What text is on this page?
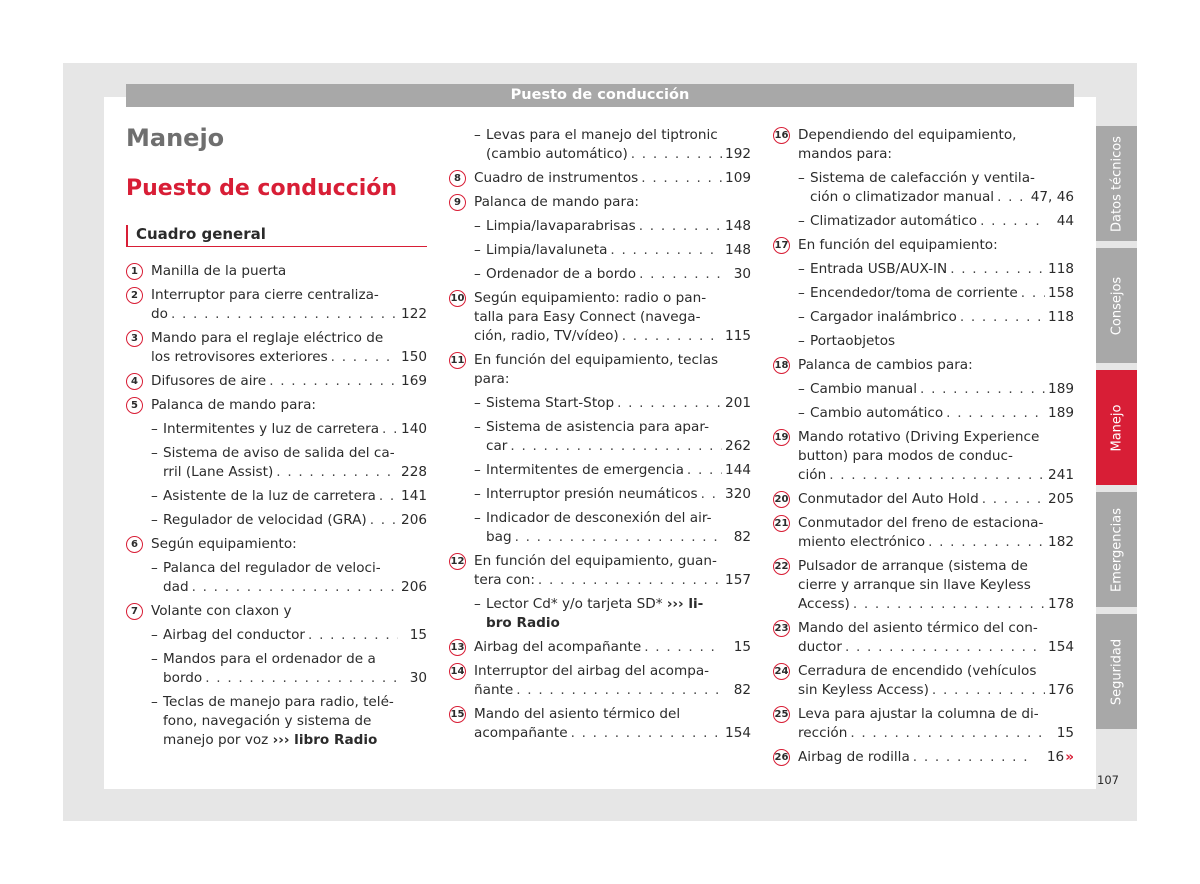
Puesto de conducción
Manejo
Puesto de conducción
Cuadro general
1 Manilla de la puerta
2 Interruptor para cierre centraliza-
do . . .	122
3 Mando para el reglaje eléctrico de
los retrovisores exteriores . . .	150
4 Difusores de aire . . .	169
5 Palanca de mando para:
– Intermitentes y luz de carretera . . . 140
– Sistema de aviso de salida del ca-
rril (Lane Assist) . . .	228
– Asistente de la luz de carretera . . . 141
– Regulador de velocidad (GRA) . . .	206
6 Según equipamiento:
– Palanca del regulador de veloci-
dad . . .	206
7 Volante con claxon y
– Airbag del conductor . . .	15
– Mandos para el ordenador de a
bordo . . .	30
– Teclas de manejo para radio, telé-
fono, navegación y sistema de
manejo por voz ››› libro Radio
– Levas para el manejo del tiptronic
(cambio automático) . . .	192
8 Cuadro de instrumentos . . .	109
9 Palanca de mando para:
– Limpia/lavaparabrisas . . .	148
– Limpia/lavaluneta . . .	148
– Ordenador de a bordo . . .	30
10 Según equipamiento: radio o pan-
talla para Easy Connect (navega-
ción, radio, TV/vídeo) . . .	115
11 En función del equipamiento, teclas
para:
– Sistema Start-Stop . . .	201
– Sistema de asistencia para apar-
car . . .	262
– Intermitentes de emergencia . . .	144
– Interruptor presión neumáticos . . . 320
– Indicador de desconexión del air-
bag . . .	82
12 En función del equipamiento, guan-
tera con: . . .	157
– Lector Cd* y/o tarjeta SD* ››› li-
bro Radio
13 Airbag del acompañante . . .	15
14 Interruptor del airbag del acompa-
ñante . . .	82
15 Mando del asiento térmico del
acompañante . . .	154
16 Dependiendo del equipamiento,
mandos para:
– Sistema de calefacción y ventila-
ción o climatizador manual . . .	47, 46
– Climatizador automático . . .	44
17 En función del equipamiento:
– Entrada USB/AUX-IN . . .	118
– Encendedor/toma de corriente . . . 158
– Cargador inalámbrico . . .	118
– Portaobjetos
18 Palanca de cambios para:
– Cambio manual . . .	189
– Cambio automático . . .	189
19 Mando rotativo (Driving Experience
button) para modos de conduc-
ción . . .	241
20 Conmutador del Auto Hold . . .	205
21 Conmutador del freno de estaciona-
miento electrónico . . .	182
22 Pulsador de arranque (sistema de
cierre y arranque sin llave Keyless
Access) . . .	178
23 Mando del asiento térmico del con-
ductor . . .	154
24 Cerradura de encendido (vehículos
sin Keyless Access) . . .	176
25 Leva para ajustar la columna de di-
rección . . .	15
26 Airbag de rodilla . . .	16 »
Datos técnicos
Consejos
Manejo
Emergencias
Seguridad
107
